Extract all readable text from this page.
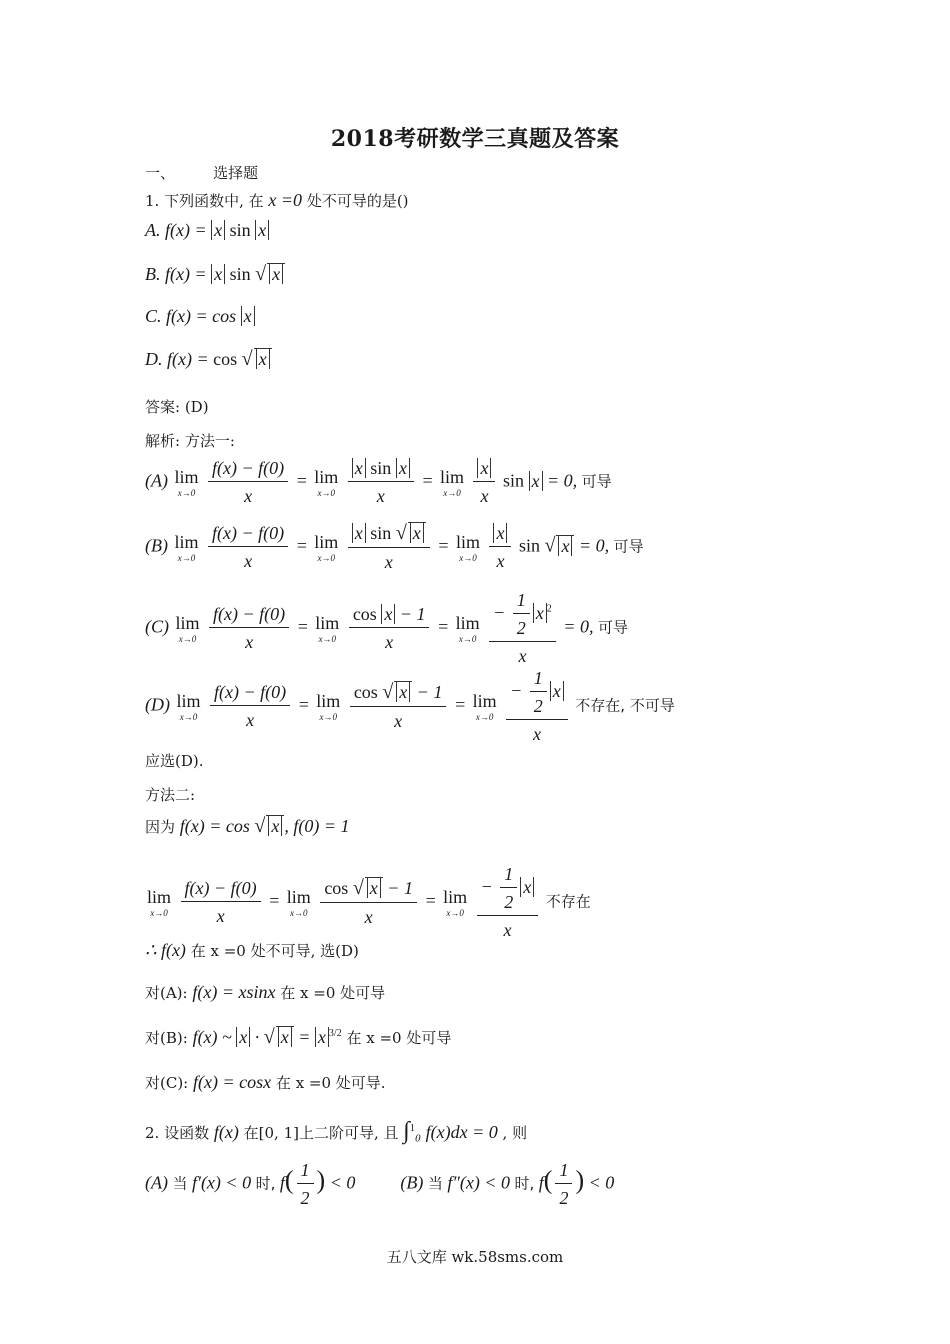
2018考研数学三真题及答案
一、        选择题
1. 下列函数中, 在 x =0 处不可导的是()
A. f(x) = x sin x
B. f(x) = x sin √ x
C. f(x) = cos x
D. f(x) = cos √ x
答案: (D)
解析: 方法一:
(A) lim
x→0
$\frac{f(x) - f(0)}{x} = \lim$
x→0
$\frac{\text{x sin x}}{x} = \lim$
x→0
$\frac{x}{x}$ sin x = 0, 可导
(B) lim
x→0
$\frac{f(x) - f(0)}{x} = \lim$
x→0
$\frac{\text{x sin √ x}}{x} = \lim$
x→0
$\frac{x}{x}$ sin √ x = 0, 可导
(C) lim
x→0
$\frac{f(x) - f(0)}{x} = \lim$
x→0
$\frac{\text{cos x − 1}}{x} = \lim$
x→0
$\frac{- \frac{1}{2} x ^2}{x} = 0$, 可导
(D) lim
x→0
$\frac{f(x) - f(0)}{x} = \lim$
x→0
$\frac{\cos √ x - 1}{x} = \lim$
x→0
$\frac{- \frac{1}{2} x}{x}$ 不存在, 不可导
应选(D).
方法二:
因为 f(x) = cos √ x , f(0) = 1
lim
x→0
$\frac{f(x) - f(0)}{x} = \lim$
x→0
$\frac{\cos √ x - 1}{x} = \lim$
x→0
$\frac{- \frac{1}{2} x}{x}$ 不存在
∴ f(x) 在 x =0 处不可导, 选(D)
对(A): f(x) = xsinx 在 x =0 处可导
对(B): f(x) ~ x · √ x = x $^{3/2}$ 在 x =0 处可导
对(C): f(x) = cosx 在 x =0 处可导.
2. 设函数 f(x) 在[0, 1]上二阶可导, 且 ∫$^1$₀ f(x)dx = 0 , 则
(A) 当 f′(x) < 0 时, $f( \frac{1}{2}$ ) < 0  (B) 当 f″(x) < 0 时, $f( \frac{1}{2}$ ) < 0
五八文库 wk.58sms.com
